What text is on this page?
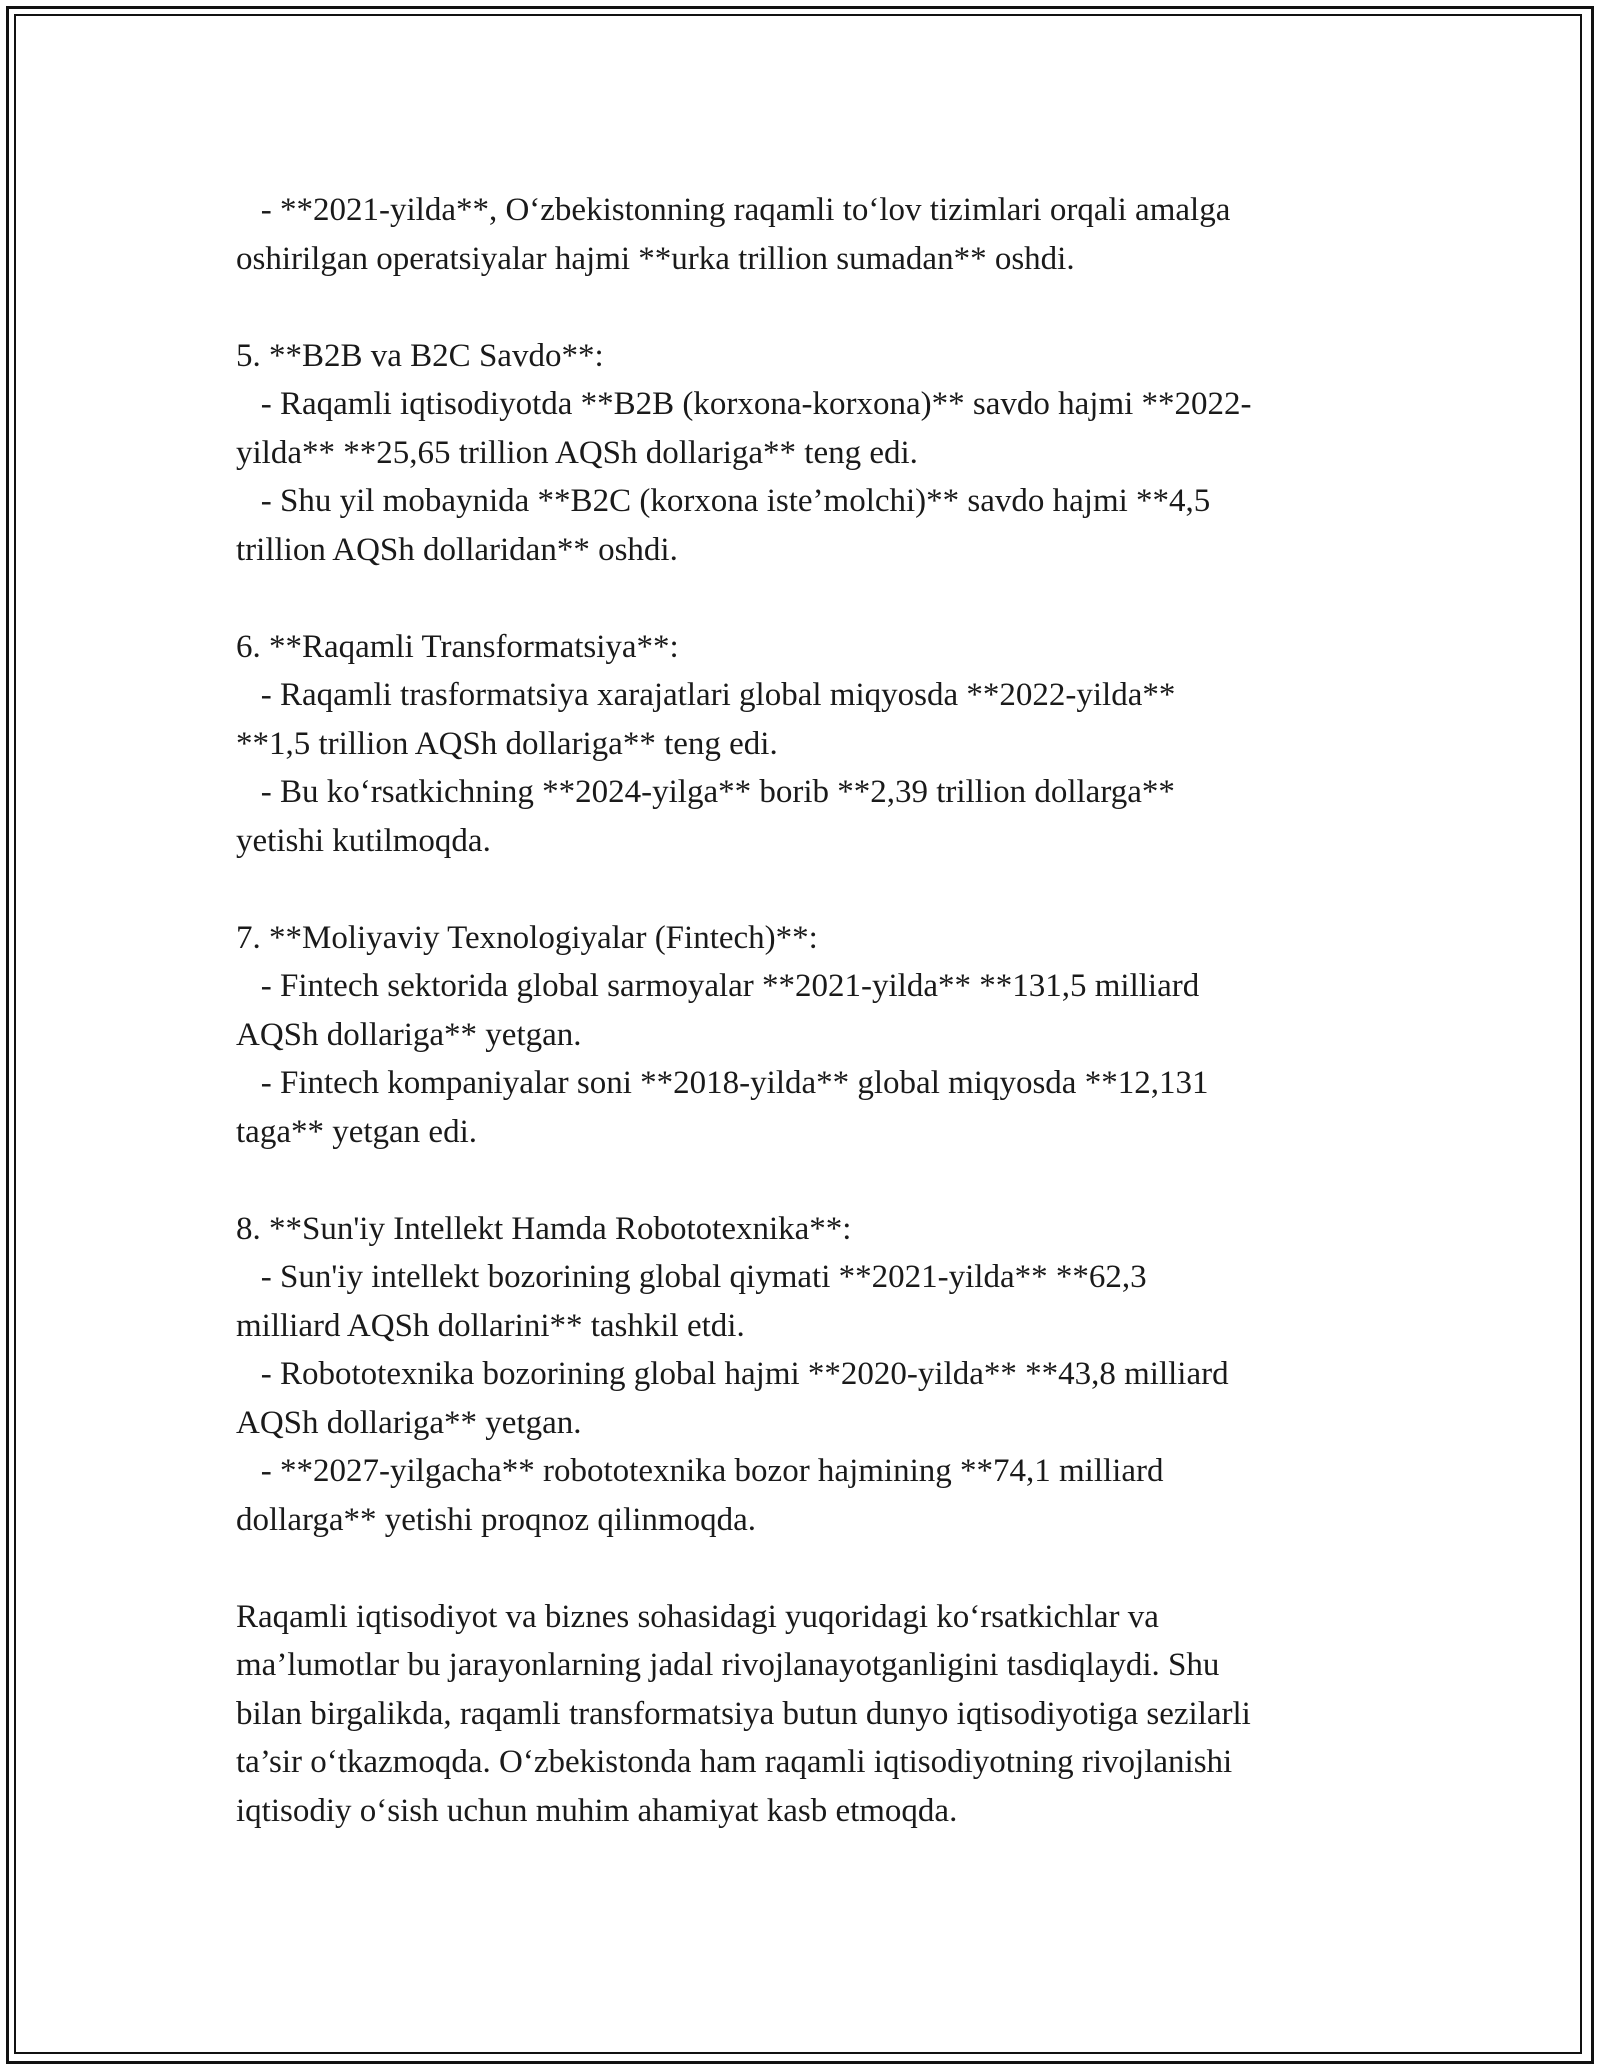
- **2021-yilda**, O‘zbekistonning raqamli to‘lov tizimlari orqali amalga
oshirilgan operatsiyalar hajmi **urka trillion sumadan** oshdi.
5. **B2B va B2C Savdo**:
- Raqamli iqtisodiyotda **B2B (korxona-korxona)** savdo hajmi **2022-
yilda** **25,65 trillion AQSh dollariga** teng edi.
- Shu yil mobaynida **B2C (korxona iste’molchi)** savdo hajmi **4,5
trillion AQSh dollaridan** oshdi.
6. **Raqamli Transformatsiya**:
- Raqamli trasformatsiya xarajatlari global miqyosda **2022-yilda**
**1,5 trillion AQSh dollariga** teng edi.
- Bu ko‘rsatkichning **2024-yilga** borib **2,39 trillion dollarga**
yetishi kutilmoqda.
7. **Moliyaviy Texnologiyalar (Fintech)**:
- Fintech sektorida global sarmoyalar **2021-yilda** **131,5 milliard
AQSh dollariga** yetgan.
- Fintech kompaniyalar soni **2018-yilda** global miqyosda **12,131
taga** yetgan edi.
8. **Sun'iy Intellekt Hamda Robototexnika**:
- Sun'iy intellekt bozorining global qiymati **2021-yilda** **62,3
milliard AQSh dollarini** tashkil etdi.
- Robototexnika bozorining global hajmi **2020-yilda** **43,8 milliard
AQSh dollariga** yetgan.
- **2027-yilgacha** robototexnika bozor hajmining **74,1 milliard
dollarga** yetishi proqnoz qilinmoqda.
Raqamli iqtisodiyot va biznes sohasidagi yuqoridagi ko‘rsatkichlar va
ma’lumotlar bu jarayonlarning jadal rivojlanayotganligini tasdiqlaydi. Shu
bilan birgalikda, raqamli transformatsiya butun dunyo iqtisodiyotiga sezilarli
ta’sir o‘tkazmoqda. O‘zbekistonda ham raqamli iqtisodiyotning rivojlanishi
iqtisodiy o‘sish uchun muhim ahamiyat kasb etmoqda.
